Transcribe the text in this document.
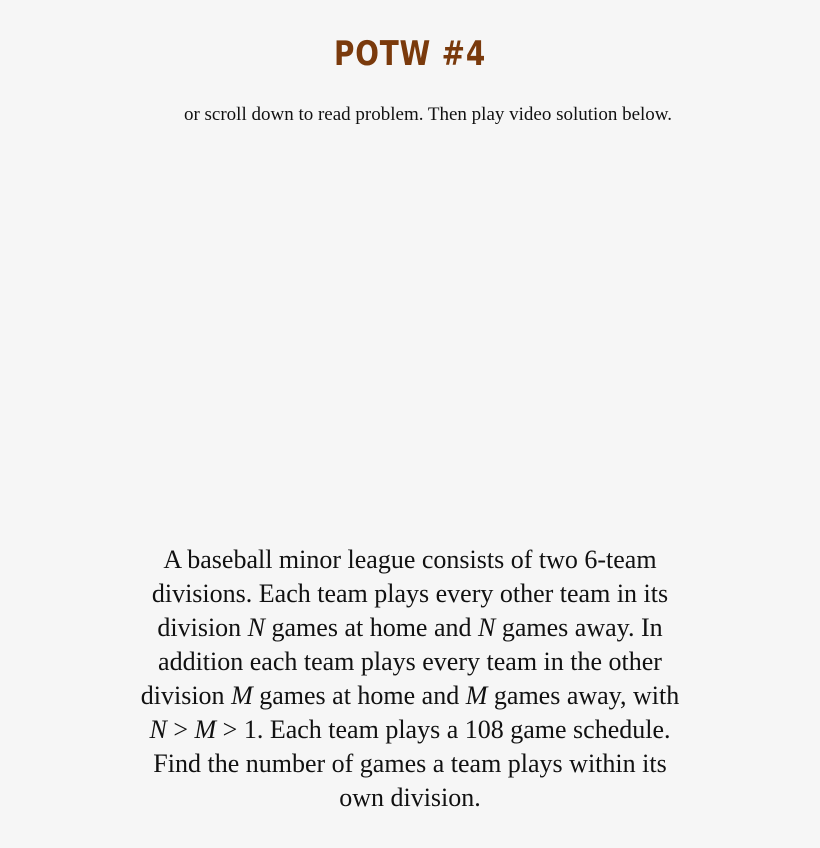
POTW #4
or scroll down to read problem. Then play video solution below.
A baseball minor league consists of two 6-team
divisions. Each team plays every other team in its
division N games at home and N games away. In
addition each team plays every team in the other
division M games at home and M games away, with
N > M > 1. Each team plays a 108 game schedule.
Find the number of games a team plays within its
own division.
